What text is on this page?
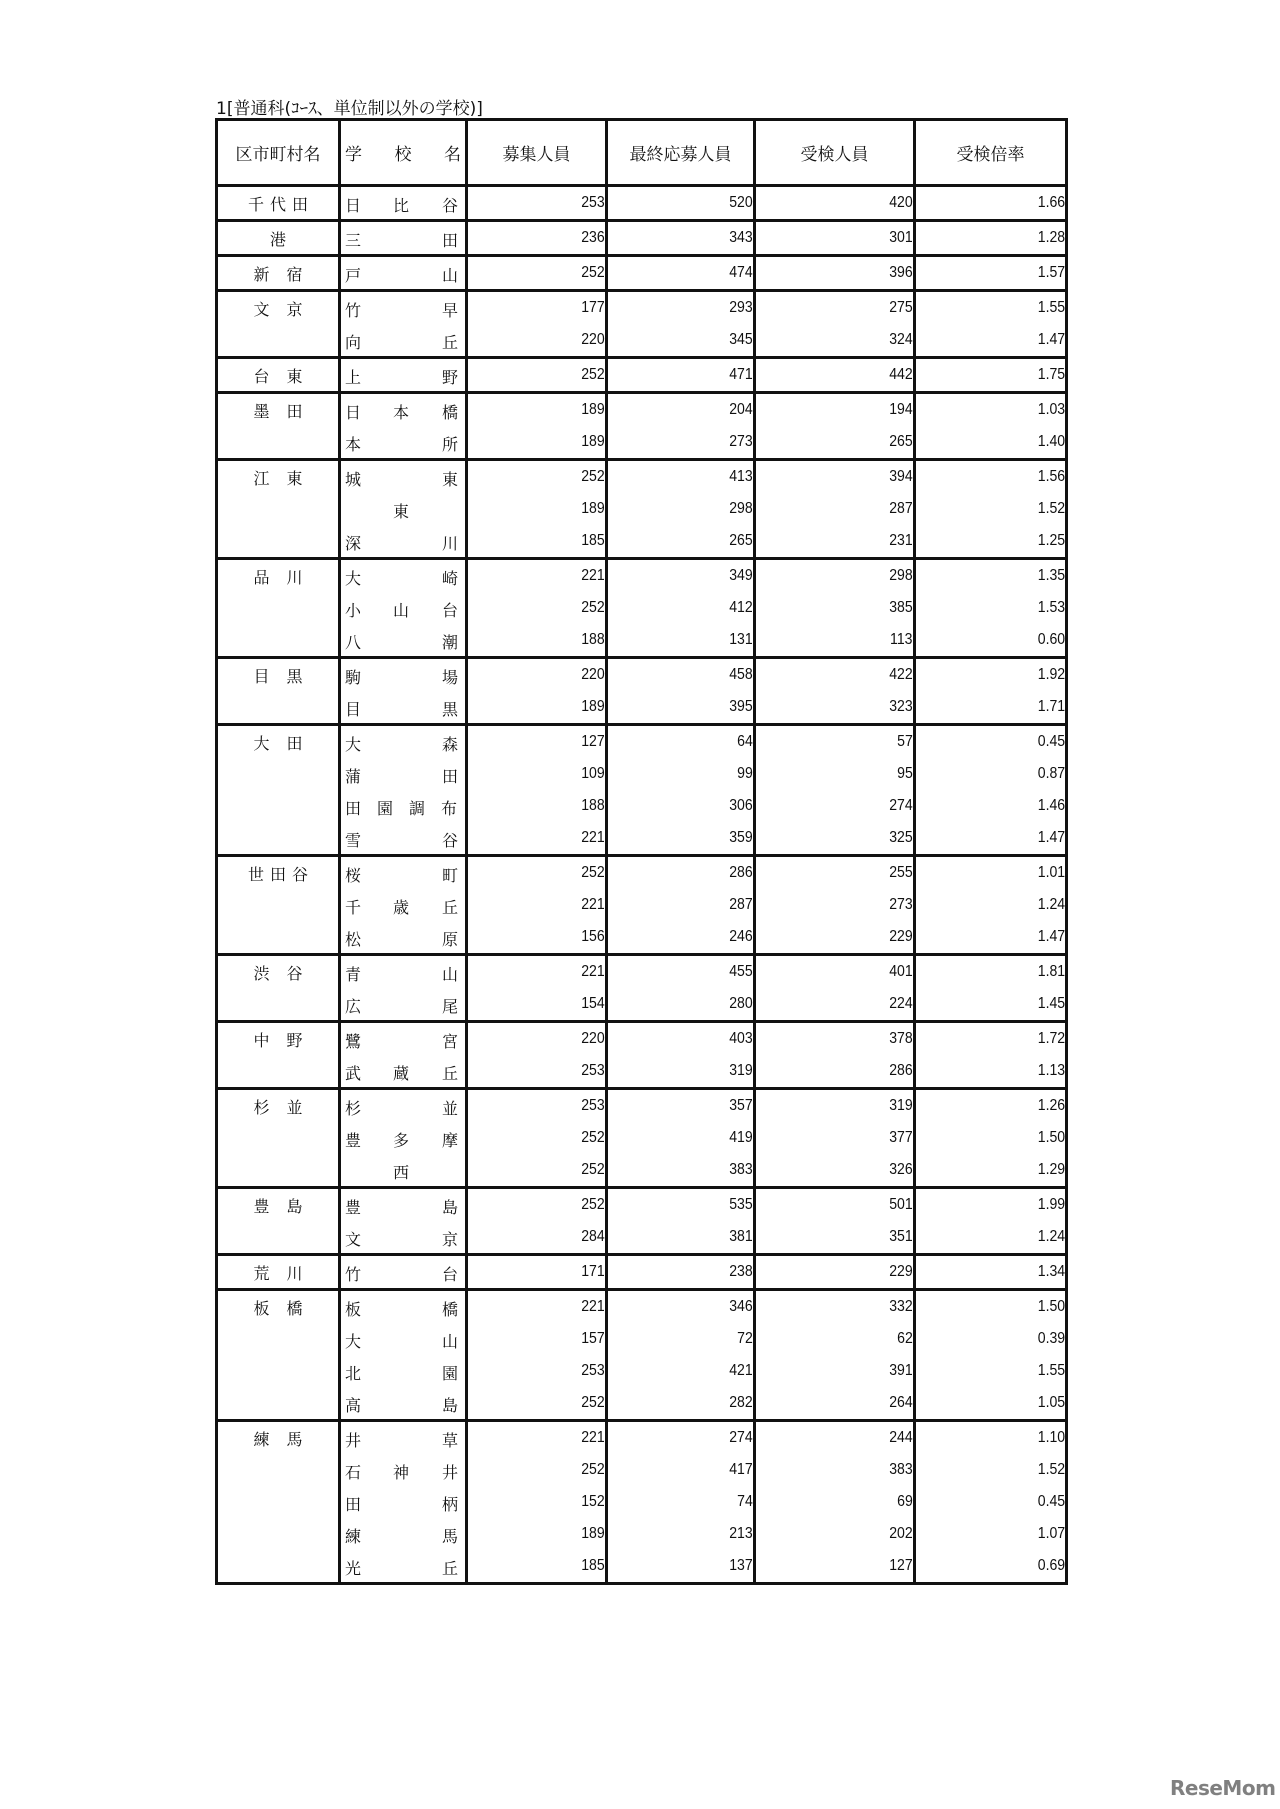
1[普通科(ｺｰｽ、単位制以外の学校)]
区市町村名	学 校 名	募集人員	最終応募人員	受検人員	受検倍率
千代田	日 比 谷	253	520	420	1.66
港	三 田	236	343	301	1.28
新 宿	戸 山	252	474	396	1.57
文 京	竹 早	177	293	275	1.55

	向 丘	220	345	324	1.47
台 東	上 野	252	471	442	1.75
墨 田	日 本 橋	189	204	194	1.03

	本 所	189	273	265	1.40
江 東	城 東	252	413	394	1.56

	東	189	298	287	1.52

	深 川	185	265	231	1.25
品 川	大 崎	221	349	298	1.35

	小 山 台	252	412	385	1.53

	八 潮	188	131	113	0.60
目 黒	駒 場	220	458	422	1.92

	目 黒	189	395	323	1.71
大 田	大 森	127	64	57	0.45

	蒲 田	109	99	95	0.87

	田 園 調 布	188	306	274	1.46

	雪 谷	221	359	325	1.47
世田谷	桜 町	252	286	255	1.01

	千 歳 丘	221	287	273	1.24

	松 原	156	246	229	1.47
渋 谷	青 山	221	455	401	1.81

	広 尾	154	280	224	1.45
中 野	鷺 宮	220	403	378	1.72

	武 蔵 丘	253	319	286	1.13
杉 並	杉 並	253	357	319	1.26

	豊 多 摩	252	419	377	1.50

	西	252	383	326	1.29
豊 島	豊 島	252	535	501	1.99

	文 京	284	381	351	1.24
荒 川	竹 台	171	238	229	1.34
板 橋	板 橋	221	346	332	1.50

	大 山	157	72	62	0.39

	北 園	253	421	391	1.55

	高 島	252	282	264	1.05
練 馬	井 草	221	274	244	1.10

	石 神 井	252	417	383	1.52

	田 柄	152	74	69	0.45

	練 馬	189	213	202	1.07

	光 丘	185	137	127	0.69
ReseMom
